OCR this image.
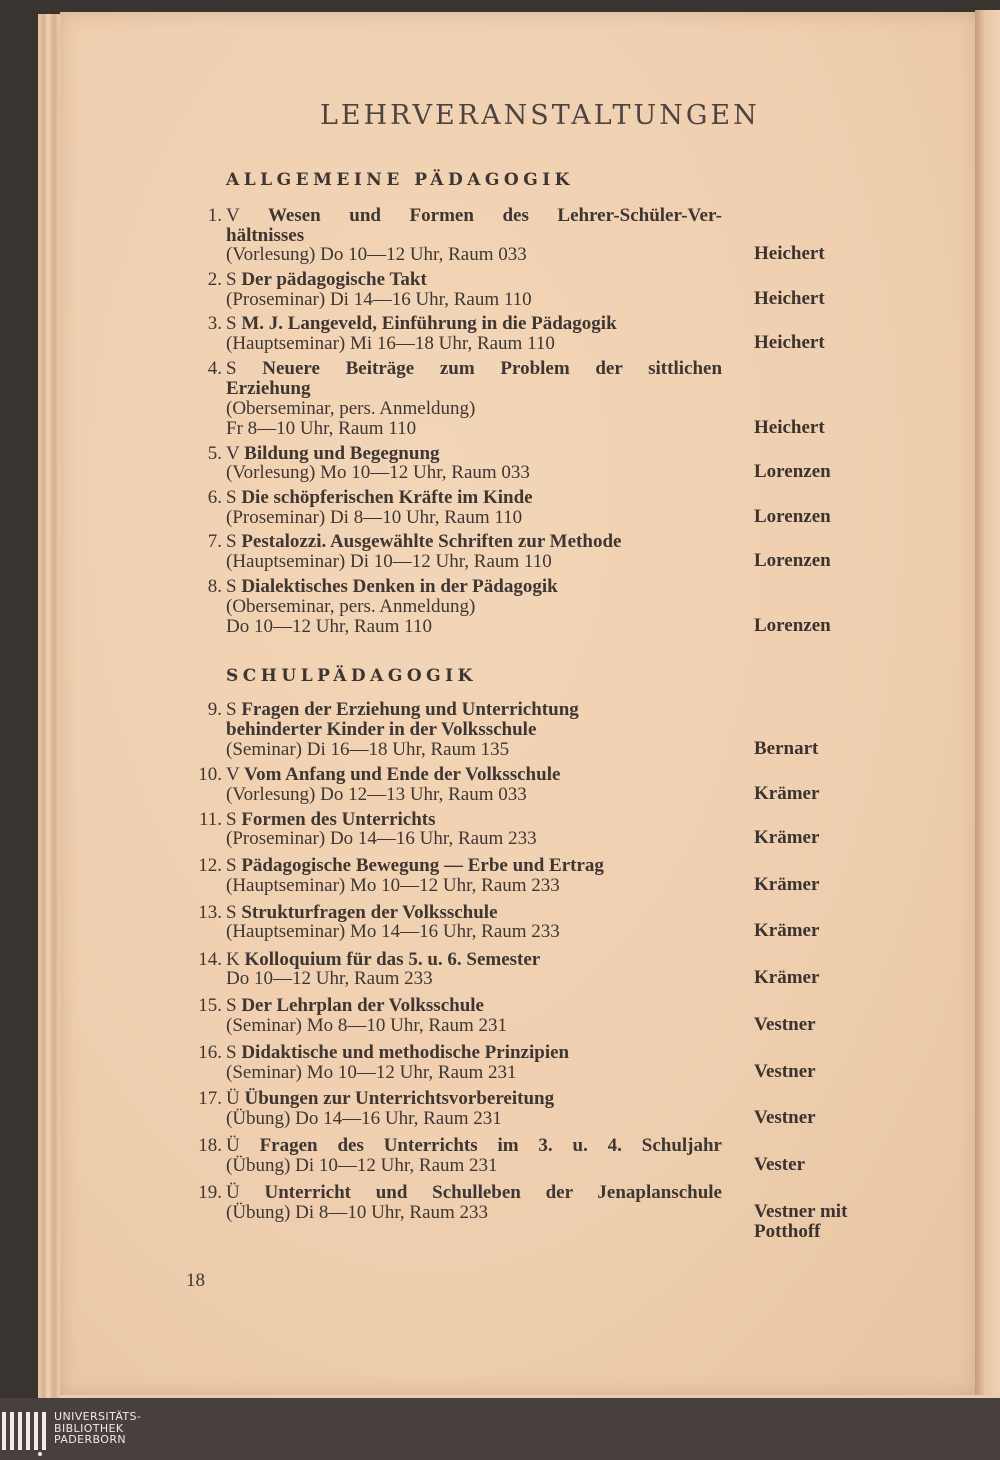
LEHRVERANSTALTUNGEN
ALLGEMEINE PÄDAGOGIK
1. V Wesen und Formen des Lehrer-Schüler-Ver-
hältnisses
(Vorlesung) Do 10—12 Uhr, Raum 033	Heichert
2. S Der pädagogische Takt
(Proseminar) Di 14—16 Uhr, Raum 110	Heichert
3. S M. J. Langeveld, Einführung in die Pädagogik
(Hauptseminar) Mi 16—18 Uhr, Raum 110	Heichert
4. S Neuere Beiträge zum Problem der sittlichen
Erziehung
(Oberseminar, pers. Anmeldung)
Fr 8—10 Uhr, Raum 110	Heichert
5. V Bildung und Begegnung
(Vorlesung) Mo 10—12 Uhr, Raum 033	Lorenzen
6. S Die schöpferischen Kräfte im Kinde
(Proseminar) Di 8—10 Uhr, Raum 110	Lorenzen
7. S Pestalozzi. Ausgewählte Schriften zur Methode
(Hauptseminar) Di 10—12 Uhr, Raum 110	Lorenzen
8. S Dialektisches Denken in der Pädagogik
(Oberseminar, pers. Anmeldung)
Do 10—12 Uhr, Raum 110	Lorenzen
SCHULPÄDAGOGIK
9. S Fragen der Erziehung und Unterrichtung
behinderter Kinder in der Volksschule
(Seminar) Di 16—18 Uhr, Raum 135	Bernart
10. V Vom Anfang und Ende der Volksschule
(Vorlesung) Do 12—13 Uhr, Raum 033	Krämer
11. S Formen des Unterrichts
(Proseminar) Do 14—16 Uhr, Raum 233	Krämer
12. S Pädagogische Bewegung — Erbe und Ertrag
(Hauptseminar) Mo 10—12 Uhr, Raum 233	Krämer
13. S Strukturfragen der Volksschule
(Hauptseminar) Mo 14—16 Uhr, Raum 233	Krämer
14. K Kolloquium für das 5. u. 6. Semester
Do 10—12 Uhr, Raum 233	Krämer
15. S Der Lehrplan der Volksschule
(Seminar) Mo 8—10 Uhr, Raum 231	Vestner
16. S Didaktische und methodische Prinzipien
(Seminar) Mo 10—12 Uhr, Raum 231	Vestner
17. Ü Übungen zur Unterrichtsvorbereitung
(Übung) Do 14—16 Uhr, Raum 231	Vestner
18. Ü Fragen des Unterrichts im 3. u. 4. Schuljahr
(Übung) Di 10—12 Uhr, Raum 231	Vester
19. Ü Unterricht und Schulleben der Jenaplanschule
(Übung) Di 8—10 Uhr, Raum 233	Vestner mit
Potthoff
18
UNIVERSITÄTS-
BIBLIOTHEK
PADERBORN
